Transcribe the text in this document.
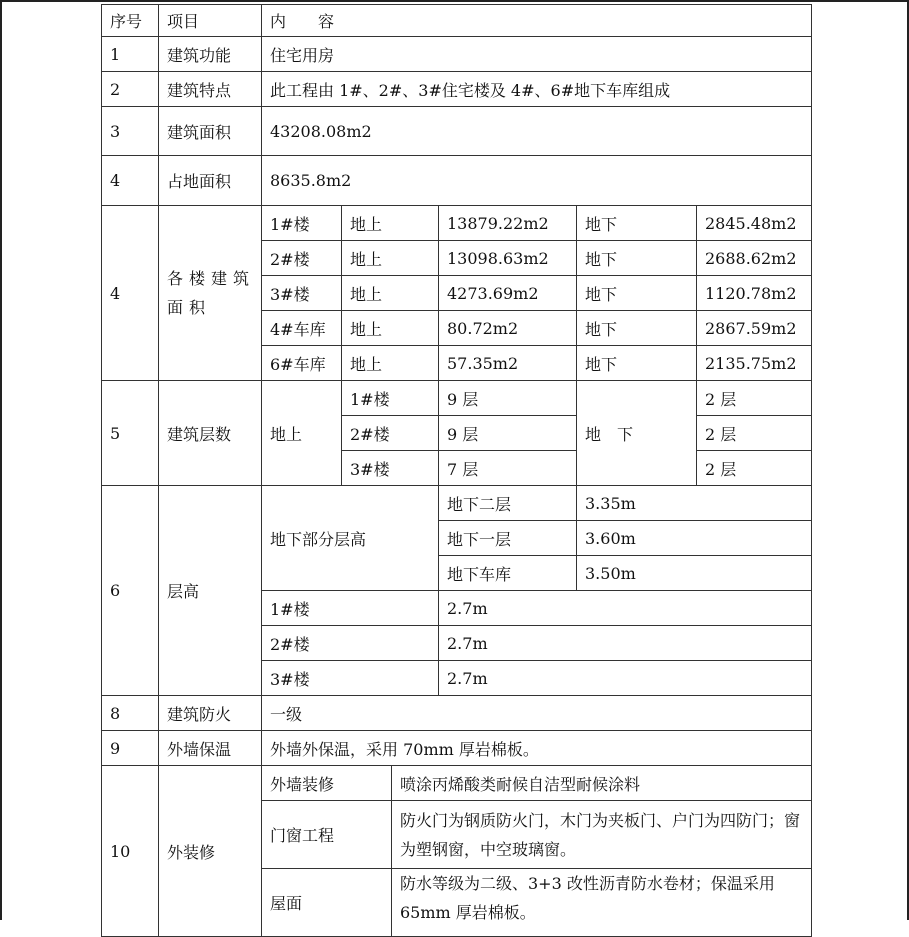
序号	项目	内　　容					
1	建筑功能	住宅用房					
2	建筑特点	此工程由 1#、2#、3#住宅楼及 4#、6#地下车库组成					
3	建筑面积	43208.08m2					
4	占地面积	8635.8m2					
4	各楼建筑面积	1#楼	地上		13879.22m2	地下	2845.48m2
		2#楼	地上		13098.63m2	地下	2688.62m2
		3#楼	地上		4273.69m2	地下	1120.78m2
		4#车库	地上		80.72m2	地下	2867.59m2
		6#车库	地上		57.35m2	地下	2135.75m2
5	建筑层数	地上	1#楼		9 层	地　下	2 层
			2#楼		9 层		2 层
			3#楼		7 层		2 层
6	层高	地下部分层高			地下二层	3.35m	
					地下一层	3.60m	
					地下车库	3.50m	
		1#楼			2.7m		
		2#楼			2.7m		
		3#楼			2.7m		
8	建筑防火	一级					
9	外墙保温	外墙外保温，采用 70mm 厚岩棉板。					
10	外装修	外墙装修		喷涂丙烯酸类耐候自洁型耐候涂料			
		门窗工程		防火门为钢质防火门，木门为夹板门、户门为四防门；窗为塑钢窗，中空玻璃窗。			
		屋面		防水等级为二级、3+3 改性沥青防水卷材；保温采用 65mm 厚岩棉板。			
